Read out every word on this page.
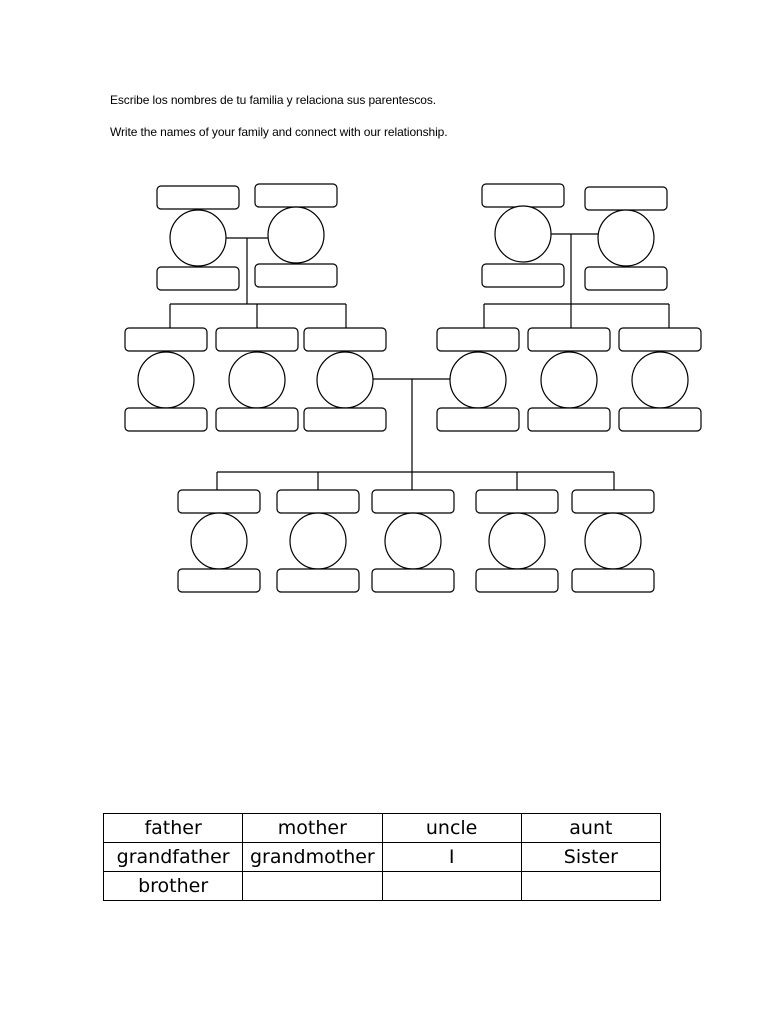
Escribe los nombres de tu familia y relaciona sus parentescos.

Write the names of your family and connect with our relationship.

father	mother	uncle	aunt
grandfather	grandmother	I	Sister
brother			
